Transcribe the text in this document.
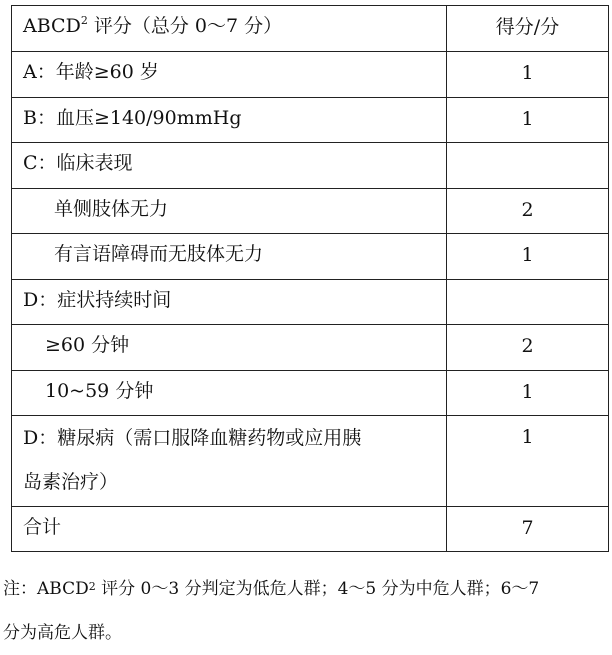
ABCD$^2$ 评分（总分 0～7 分）	得分/分

A：年龄≥60 岁	1

B：血压≥140/90mmHg	1

C：临床表现	

单侧肢体无力	2

有言语障碍而无肢体无力	1

D：症状持续时间	

≥60 分钟	2

10~59 分钟	1

D：糖尿病（需口服降血糖药物或应用胰
岛素治疗）	1

合计	7

注：ABCD$^2$ 评分 0～3 分判定为低危人群；4～5 分为中危人群；6～7
分为高危人群。
